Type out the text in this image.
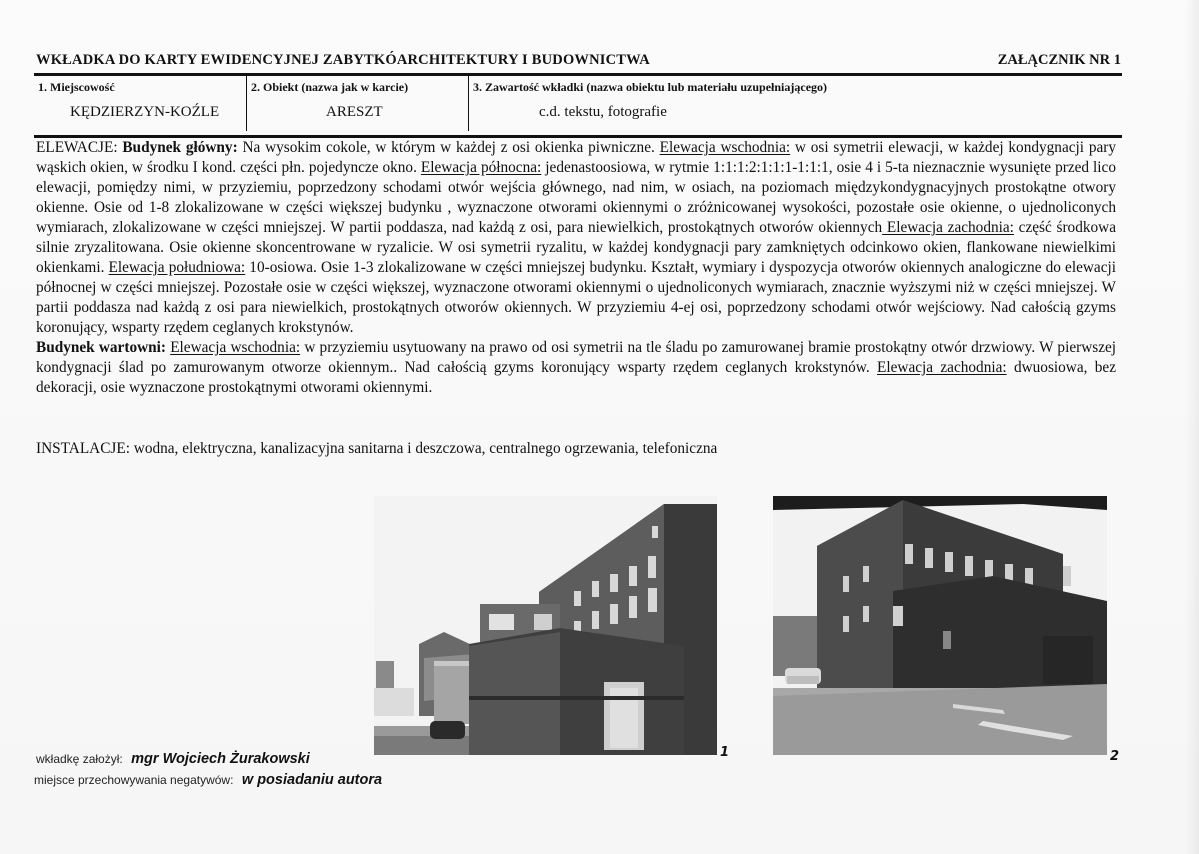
WKŁADKA DO KARTY EWIDENCYJNEJ ZABYTKÓARCHITEKTURY I BUDOWNICTWA	ZAŁĄCZNIK NR 1
1. Miejscowość
KĘDZIERZYN-KOŹLE
2. Obiekt (nazwa jak w karcie)
ARESZT
3. Zawartość wkładki (nazwa obiektu lub materiału uzupełniającego)
c.d. tekstu, fotografie

ELEWACJE: Budynek główny: Na wysokim cokole, w którym w każdej z osi okienka piwniczne. Elewacja wschodnia: w osi symetrii elewacji, w każdej kondygnacji pary wąskich okien, w środku I kond. części płn. pojedyncze okno. Elewacja północna: jedenastoosiowa, w rytmie 1:1:1:2:1:1:1-1:1:1, osie 4 i 5-ta nieznacznie wysunięte przed lico elewacji, pomiędzy nimi, w przyziemiu, poprzedzony schodami otwór wejścia głównego, nad nim, w osiach, na poziomach międzykondygnacyjnych prostokątne otwory okienne. Osie od 1-8 zlokalizowane w części większej budynku , wyznaczone otworami okiennymi o zróżnicowanej wysokości, pozostałe osie okienne, o ujednoliconych wymiarach, zlokalizowane w części mniejszej. W partii poddasza, nad każdą z osi, para niewielkich, prostokątnych otworów okiennych Elewacja zachodnia: część środkowa silnie zryzalitowana. Osie okienne skoncentrowane w ryzalicie. W osi symetrii ryzalitu, w każdej kondygnacji pary zamkniętych odcinkowo okien, flankowane niewielkimi okienkami. Elewacja południowa: 10-osiowa. Osie 1-3 zlokalizowane w części mniejszej budynku. Kształt, wymiary i dyspozycja otworów okiennych analogiczne do elewacji północnej w części mniejszej. Pozostałe osie w części większej, wyznaczone otworami okiennymi o ujednoliconych wymiarach, znacznie wyższymi niż w części mniejszej. W partii poddasza nad każdą z osi para niewielkich, prostokątnych otworów okiennych. W przyziemiu 4-ej osi, poprzedzony schodami otwór wejściowy. Nad całością gzyms koronujący, wsparty rzędem ceglanych krokstynów.

Budynek wartowni: Elewacja wschodnia: w przyziemiu usytuowany na prawo od osi symetrii na tle śladu po zamurowanej bramie prostokątny otwór drzwiowy. W pierwszej kondygnacji ślad po zamurowanym otworze okiennym.. Nad całością gzyms koronujący wsparty rzędem ceglanych krokstynów. Elewacja zachodnia: dwuosiowa, bez dekoracji, osie wyznaczone prostokątnymi otworami okiennymi.

INSTALACJE: wodna, elektryczna, kanalizacyjna sanitarna i deszczowa, centralnego ogrzewania, telefoniczna
1	2
wkładkę założył: mgr Wojciech Żurakowski
miejsce przechowywania negatywów: w posiadaniu autora
